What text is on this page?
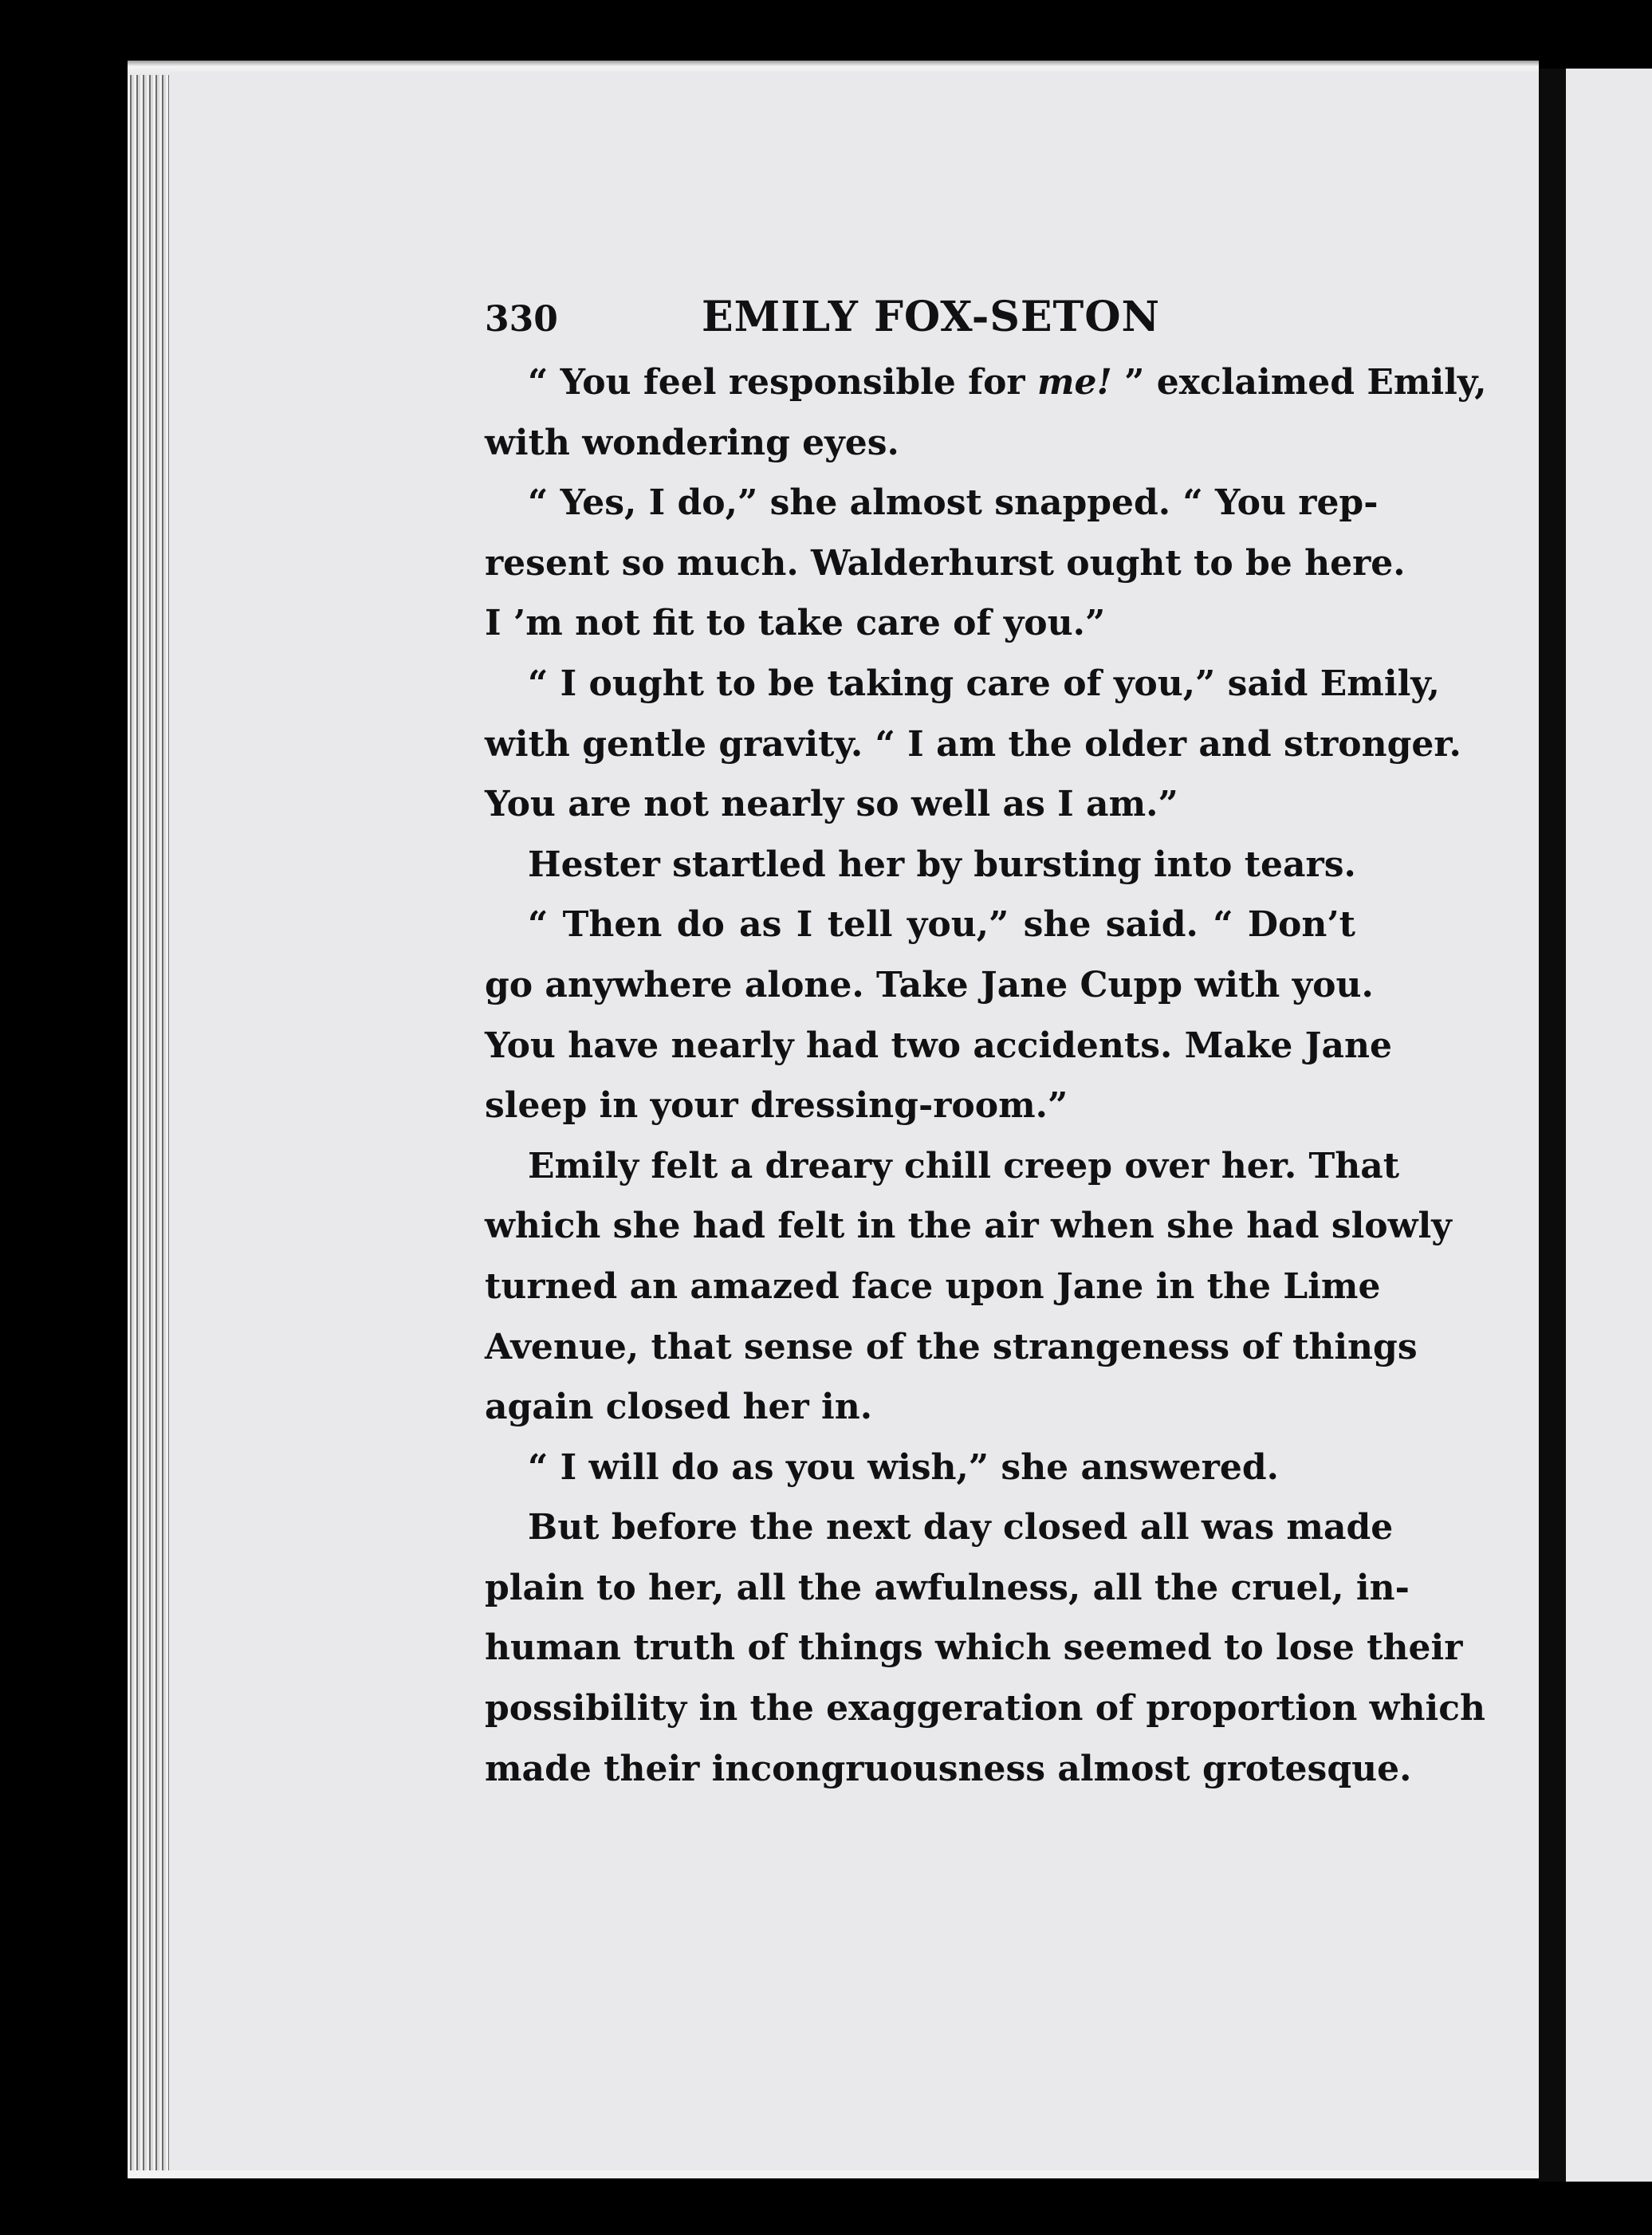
330	EMILY FOX-SETON

“ You feel responsible for me! ” exclaimed Emily,
with wondering eyes.

“ Yes, I do,” she almost snapped. “ You rep-
resent so much. Walderhurst ought to be here.
I ’m not fit to take care of you.”

“ I ought to be taking care of you,” said Emily,
with gentle gravity. “ I am the older and stronger.
You are not nearly so well as I am.”

Hester startled her by bursting into tears.

“ Then do as I tell you,” she said. “ Don’t
go anywhere alone. Take Jane Cupp with you.
You have nearly had two accidents. Make Jane
sleep in your dressing-room.”

Emily felt a dreary chill creep over her. That
which she had felt in the air when she had slowly
turned an amazed face upon Jane in the Lime
Avenue, that sense of the strangeness of things
again closed her in.

“ I will do as you wish,” she answered.

But before the next day closed all was made
plain to her, all the awfulness, all the cruel, in-
human truth of things which seemed to lose their
possibility in the exaggeration of proportion which
made their incongruousness almost grotesque.
